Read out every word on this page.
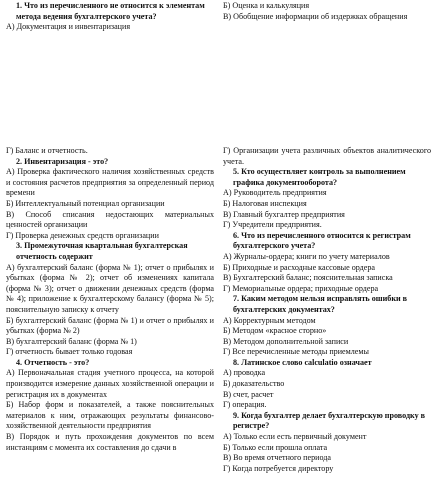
1. Что из перечисленного не относится к элементам метода ведения бухгалтерского учета?

А) Документация и инвентаризация

Б) Оценка и калькуляция

В) Обобщение информации об издержках обращения

Г) Баланс и отчетность.

2. Инвентаризация - это?

А) Проверка фактического наличия хозяйственных средств и состояния расчетов предприятия за определенный период времени

Б) Интеллектуальный потенциал организации

В) Способ списания недостающих материальных ценностей организации

Г) Проверка денежных средств организации

3. Промежуточная квартальная бухгалтерская отчетность содержит

А) бухгалтерский баланс (форма № 1); отчет о прибылях и убытках (форма № 2); отчет об изменениях капитала (форма № 3); отчет о движении денежных средств (форма № 4); приложение к бухгалтерскому балансу (форма № 5); пояснительную записку к отчету

Б) бухгалтерский баланс (форма № 1) и отчет о прибылях и убытках (форма № 2)

В) бухгалтерский баланс (форма № 1)

Г) отчетность бывает только годовая

4. Отчетность - это?

А) Первоначальная стадия учетного процесса, на которой производится измерение данных хозяйственной операции и регистрация их в документах

Б) Набор форм и показателей, а также пояснительных материалов к ним, отражающих результаты финансово-хозяйственной деятельности предприятия

В) Порядок и путь прохождения документов по всем инстанциям с момента их составления до сдачи в

Г) Организации учета различных объектов аналитического учета.

5. Кто осуществляет контроль за выполнением графика документооборота?

А) Руководитель предприятия

Б) Налоговая инспекция

В) Главный бухгалтер предприятия

Г) Учредители предприятия.

6. Что из перечисленного относится к регистрам бухгалтерского учета?

А) Журналы-ордера; книги по учету материалов

Б) Приходные и расходные кассовые ордера

В) Бухгалтерский баланс; пояснительная записка

Г) Мемориальные ордера; приходные ордера

7. Каким методом нельзя исправлять ошибки в бухгалтерских документах?

А) Корректурным методом

Б) Методом «красное сторно»

В) Методом дополнительной записи

Г) Все перечисленные методы приемлемы

8. Латинское слово calculatio означает

А) проводка

Б) доказательство

В) счет, расчет

Г) операция.

9. Когда бухгалтер делает бухгалтерскую проводку в регистре?

А) Только если есть первичный документ

Б) Только если прошла оплата

В) Во время отчетного периода

Г) Когда потребуется директору
